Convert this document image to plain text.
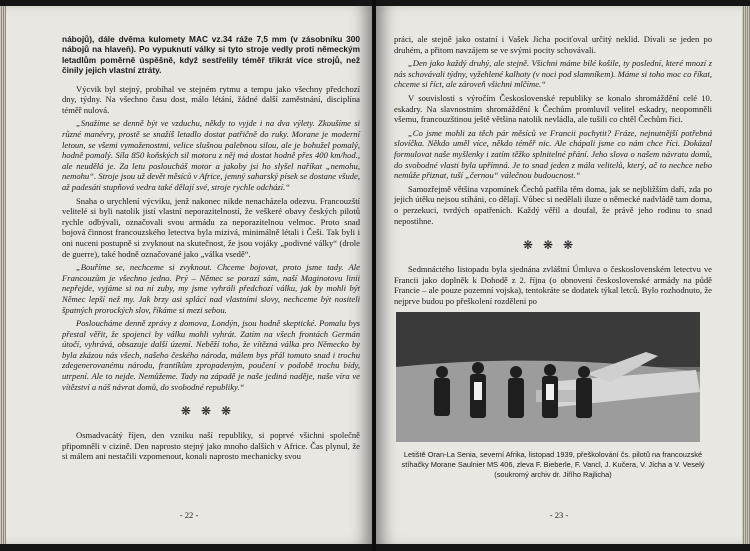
nábojů), dále dvěma kulomety MAC vz.34 ráže 7,5 mm (v zásobníku 300 nábojů na hlaveň). Po vypuknutí války si tyto stroje vedly proti německým letadlům poměrně úspěšně, když sestřelily téměř třikrát více strojů, než činily jejich vlastní ztráty.

Výcvik byl stejný, probíhal ve stejném rytmu a tempu jako všechny předchozí dny, týdny. Na všechno času dost, málo létání, žádné další zaměstnání, disciplína téměř nulová.

„Snažíme se denně být ve vzduchu, někdy to vyjde i na dva výlety. Zkoušíme si různé manévry, prostě se snažíš letadlo dostat patřičně do ruky. Morane je moderní letoun, se všemi vymoženostmi, velice slušnou palebnou silou, ale je bohužel pomalý, hodně pomalý. Síla 850 koňských sil motoru z něj má dostat hodně přes 400 km/hod., ale neudělá je. Za letu posloucháš motor a jakoby jsi ho slyšel naříkat „nemohu, nemohu“. Stroje jsou už devět měsíců v Africe, jemný saharský písek se dostane všude, až padesáti stupňová vedra také dělají své, stroje rychle odchází.“

Snaha o urychlení výcviku, jenž nakonec nikde nenacházela odezvu. Francouzští velitelé si byli natolik jistí vlastní neporazitelností, že veškeré obavy českých pilotů rychle odbývali, označovali svou armádu za neporazitelnou velmoc. Proto snad bojová činnost francouzského letectva byla mizivá, minimálně létali i Češi. Tak byli i oni nuceni postupně si zvyknout na skutečnost, že jsou vojáky „podivné války“ (drole de guerre), také hodně označované jako „válka vsedě“.

„Bouříme se, nechceme si zvyknout. Chceme bojovat, proto jsme tady. Ale Francouzům je všechno jedno. Prý – Němec se porazí sám, naší Maginotovu linii nepřejde, vyjáme si na ní zuby, my jsme vyhráli předchozí válku, jak by mohli být Němec lepší než my. Jak brzy asi splácí nad vlastními slovy, nechceme být nositeli špatných prorockých slov, říkáme si mezi sebou.

Posloucháme denně zprávy z domova, Londýn, jsou hodně skeptické. Pomalu bys přestal věřit, že spojenci by válku mohli vyhrát. Zatím na všech frontách Germán útočí, vyhrává, obsazuje další území. Neběží toho, že vítězná válka pro Německo by byla zkázou nás všech, našeho českého národa, málem bys přál tomuto snad i trochu zdegenerovanému národu, frantíkům zpropadeným, poučení v podobě trochu bídy, utrpení. Ale to nejde. Nemůžeme. Tady na západě je naše jediná naděje, naše víra ve vítězství a náš návrat domů, do svobodné republiky.“

❋❋❋

Osmadvacátý říjen, den vzniku naší republiky, si poprvé všichni společně připomněli v cizině. Den naprosto stejný jako mnoho dalších v Africe. Čas plynul, že si málem ani nestačili vzpomenout, konali naprosto mechanicky svou

- 22 -

práci, ale stejně jako ostatní i Vašek Jícha pociťoval určitý neklid. Dívali se jeden po druhém, a přitom navzájem se ve svými pocity schovávali.

„Den jako každý druhý, ale stejně. Všichni máme bílé košile, ty poslední, které mnozí z nás schovávali týdny, vyžehlené kalhoty (v noci pod slamníkem). Máme si toho moc co říkat, chceme si říct, ale zároveň všichni mlčíme.“

V souvislosti s výročím Československé republiky se konalo shromáždění celé 10. eskadry. Na slavnostním shromáždění k Čechům promluvil velitel eskadry, neopomněli všemu, francouzštinou ještě většina natolik nevládla, ale tušili co chtěl Čechům říci.

„Co jsme mohli za těch pár měsíců ve Francii pochytit? Fráze, nejnutnější potřebná slovíčka. Někdo uměl více, někdo téměř nic. Ale chápali jsme co nám chce říci. Dokázal formulovat naše myšlenky i zatím těžko splnitelné přání. Jeho slova o našem návratu domů, do svobodné vlasti byla upřímná. Je to snad jeden z mála velitelů, který, ač to nechce nebo nemůže přiznat, tuší „černou“ válečnou budoucnost.“

Samozřejmě většina vzpomínek Čechů patřila těm doma, jak se nejbližším daří, zda po jejich útěku nejsou stíháni, co dělají. Vůbec si nedělali iluze o německé nadvládě tam doma, o perzekuci, tvrdých opatřeních. Každý věřil a doufal, že právě jeho rodinu to snad nepostihne.

❋❋❋

Sedmnáctého listopadu byla sjednána zvláštní Úmluva o československém letectvu ve Francii jako doplněk k Dohodě z 2. října (o obnovení československé armády na půdě Francie – ale pouze pozemní vojska), tentokráte se dodatek týkal letců. Bylo rozhodnuto, že nejprve budou po přeškolení rozděleni po

Letiště Oran-La Senia, severní Afrika, listopad 1939, přeškolování čs. pilotů na francouzské stíhačky Morane Saulnier MS 406, zleva F. Bieberle, F. Vancl, J. Kučera, V. Jícha a V. Veselý (soukromý archiv dr. Jiřího Rajlicha)

- 23 -
